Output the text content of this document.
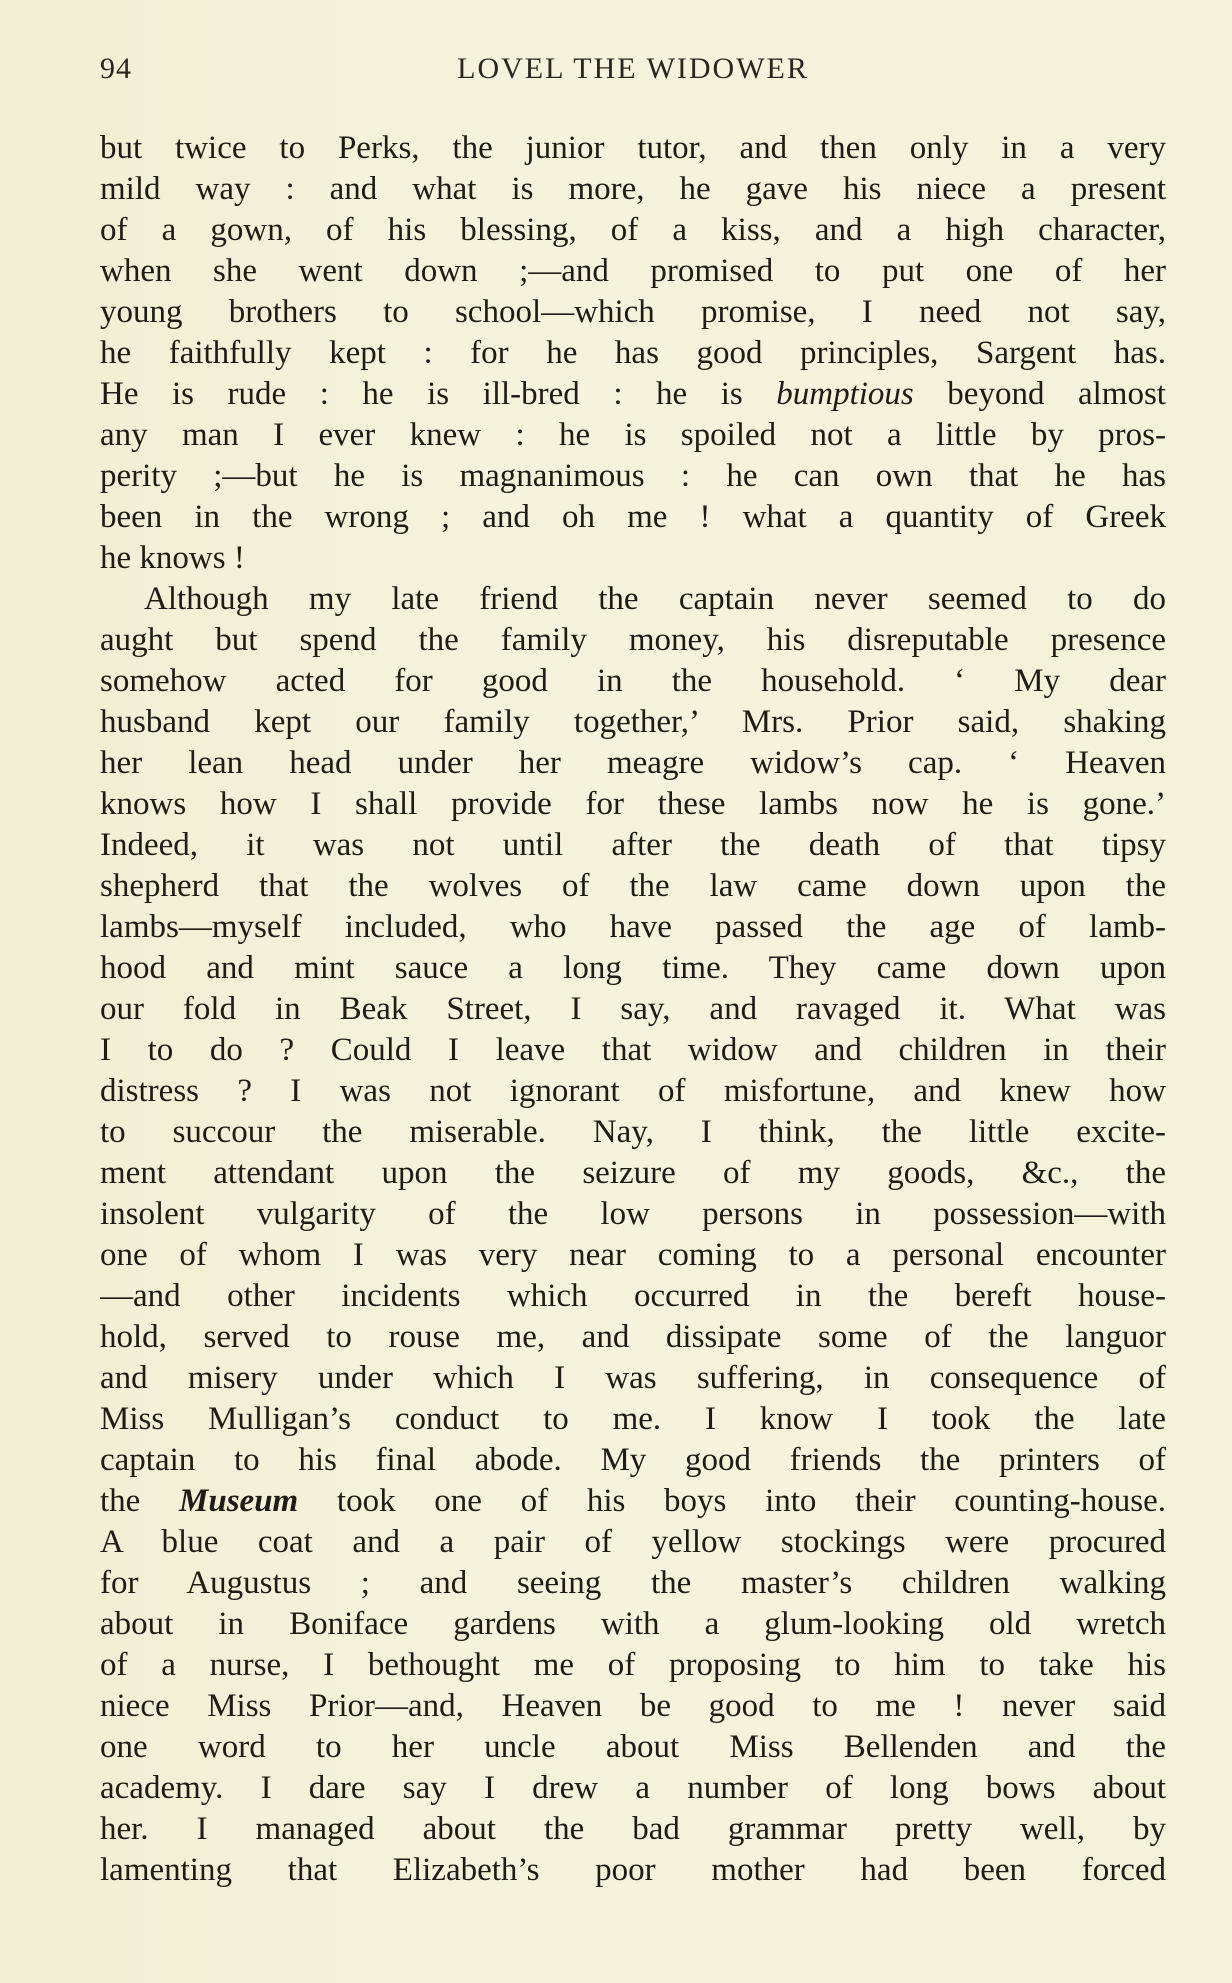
94	LOVEL THE WIDOWER
but twice to Perks, the junior tutor, and then only in a very
mild way : and what is more, he gave his niece a present
of a gown, of his blessing, of a kiss, and a high character,
when she went down ;—and promised to put one of her
young brothers to school—which promise, I need not say,
he faithfully kept : for he has good principles, Sargent has.
He is rude : he is ill-bred : he is bumptious beyond almost
any man I ever knew : he is spoiled not a little by pros-
perity ;—but he is magnanimous : he can own that he has
been in the wrong ; and oh me ! what a quantity of Greek
he knows !
Although my late friend the captain never seemed to do
aught but spend the family money, his disreputable presence
somehow acted for good in the household. ‘ My dear
husband kept our family together,’ Mrs. Prior said, shaking
her lean head under her meagre widow’s cap. ‘ Heaven
knows how I shall provide for these lambs now he is gone.’
Indeed, it was not until after the death of that tipsy
shepherd that the wolves of the law came down upon the
lambs—myself included, who have passed the age of lamb-
hood and mint sauce a long time. They came down upon
our fold in Beak Street, I say, and ravaged it. What was
I to do ? Could I leave that widow and children in their
distress ? I was not ignorant of misfortune, and knew how
to succour the miserable. Nay, I think, the little excite-
ment attendant upon the seizure of my goods, &c., the
insolent vulgarity of the low persons in possession—with
one of whom I was very near coming to a personal encounter
—and other incidents which occurred in the bereft house-
hold, served to rouse me, and dissipate some of the languor
and misery under which I was suffering, in consequence of
Miss Mulligan’s conduct to me. I know I took the late
captain to his final abode. My good friends the printers of
the Museum took one of his boys into their counting-house.
A blue coat and a pair of yellow stockings were procured
for Augustus ; and seeing the master’s children walking
about in Boniface gardens with a glum-looking old wretch
of a nurse, I bethought me of proposing to him to take his
niece Miss Prior—and, Heaven be good to me ! never said
one word to her uncle about Miss Bellenden and the
academy. I dare say I drew a number of long bows about
her. I managed about the bad grammar pretty well, by
lamenting that Elizabeth’s poor mother had been forced
